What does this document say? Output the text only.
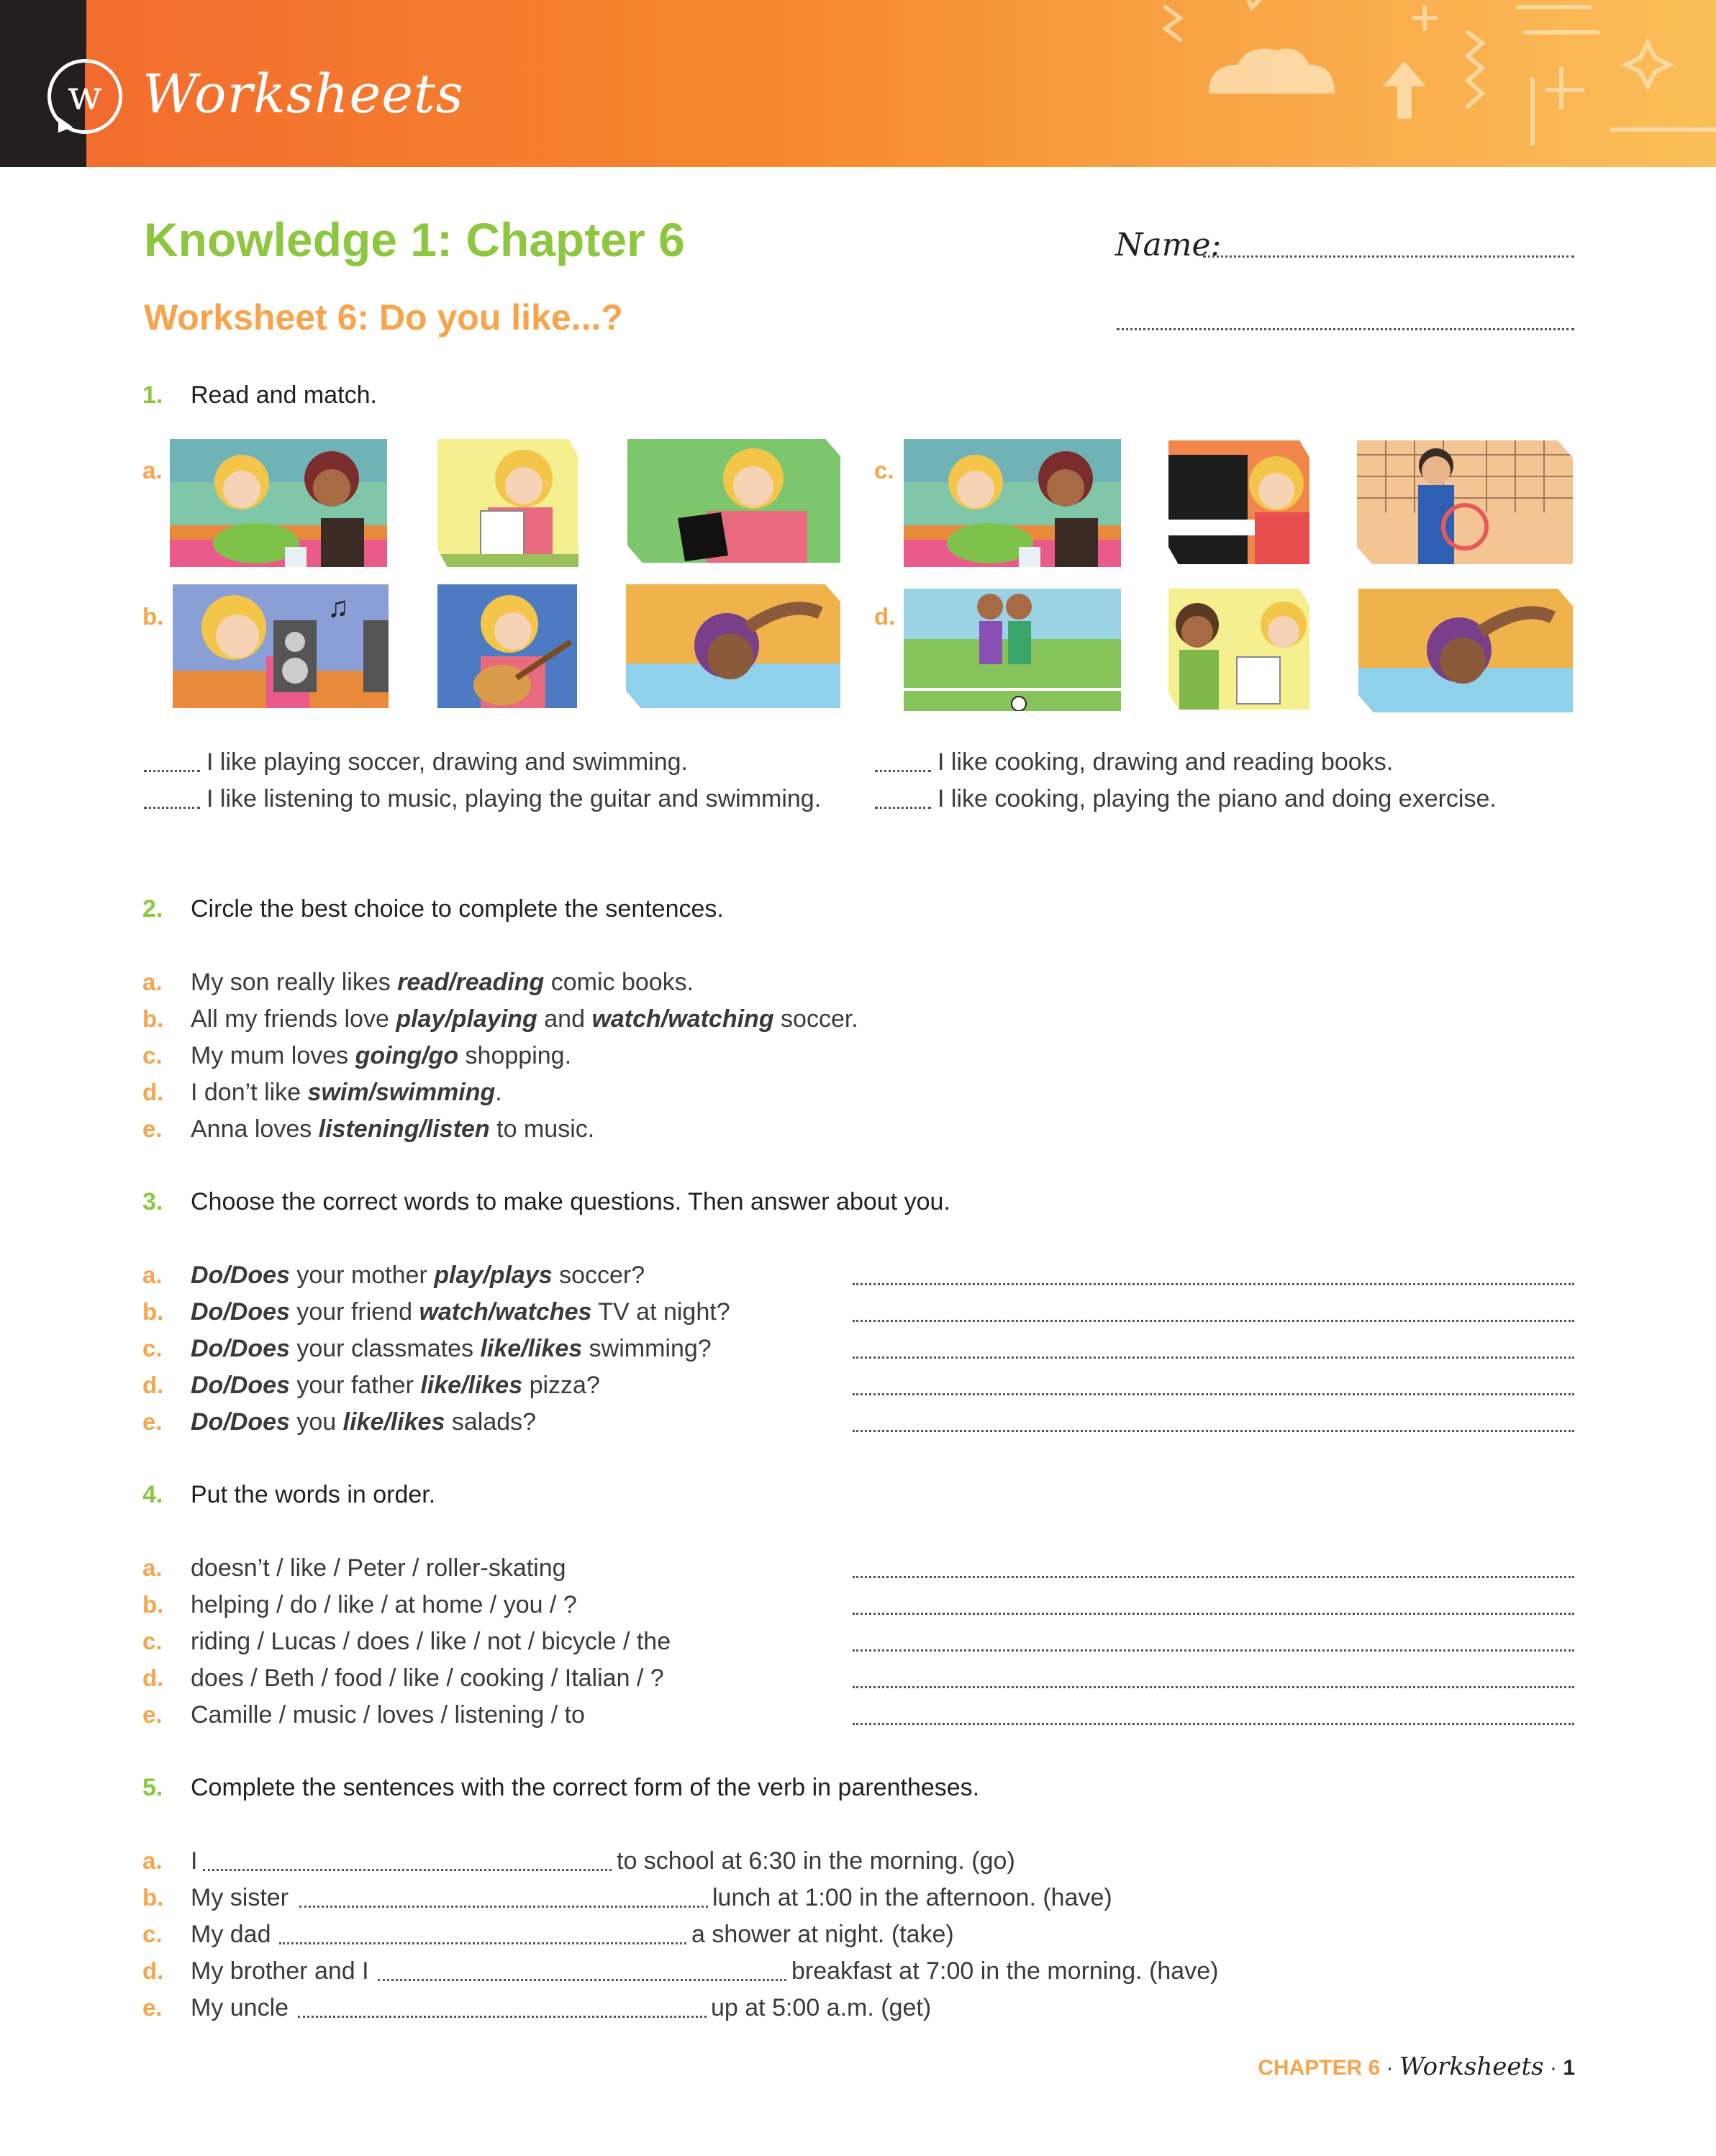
w Worksheets
Knowledge 1: Chapter 6
Worksheet 6: Do you like...?
Name:
1. Read and match.
a.
b.
c.
d.
♫
I like playing soccer, drawing and swimming.
I like listening to music, playing the guitar and swimming.
I like cooking, drawing and reading books.
I like cooking, playing the piano and doing exercise.
2. Circle the best choice to complete the sentences.
a. My son really likes read/reading comic books.
b. All my friends love play/playing and watch/watching soccer.
c. My mum loves going/go shopping.
d. I don’t like swim/swimming.
e. Anna loves listening/listen to music.
3. Choose the correct words to make questions. Then answer about you.
a. Do/Does your mother play/plays soccer?
b. Do/Does your friend watch/watches TV at night?
c. Do/Does your classmates like/likes swimming?
d. Do/Does your father like/likes pizza?
e. Do/Does you like/likes salads?
4. Put the words in order.
a. doesn’t / like / Peter / roller-skating
b. helping / do / like / at home / you / ?
c. riding / Lucas / does / like / not / bicycle / the
d. does / Beth / food / like / cooking / Italian / ?
e. Camille / music / loves / listening / to
5. Complete the sentences with the correct form of the verb in parentheses.
a. I	to school at 6:30 in the morning. (go)
b. My sister	lunch at 1:00 in the afternoon. (have)
c. My dad	a shower at night. (take)
d. My brother and I	breakfast at 7:00 in the morning. (have)
e. My uncle	up at 5:00 a.m. (get)
CHAPTER 6 · Worksheets · 1
